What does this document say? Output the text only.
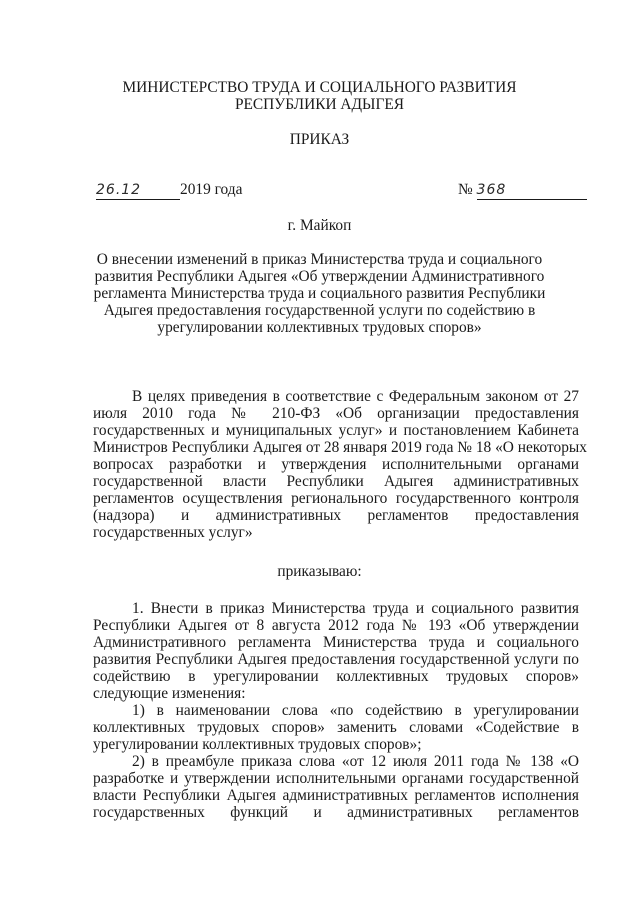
МИНИСТЕРСТВО ТРУДА И СОЦИАЛЬНОГО РАЗВИТИЯ
РЕСПУБЛИКИ АДЫГЕЯ
ПРИКАЗ
26.12	2019 года	№ 368
г. Майкоп
О внесении изменений в приказ Министерства труда и социального
развития Республики Адыгея «Об утверждении Административного
регламента Министерства труда и социального развития Республики
Адыгея предоставления государственной услуги по содействию в
урегулировании коллективных трудовых споров»
В целях приведения в соответствие с Федеральным законом от 27
июля 2010 года № 210-ФЗ «Об организации предоставления
государственных и муниципальных услуг» и постановлением Кабинета
Министров Республики Адыгея от 28 января 2019 года № 18 «О некоторых
вопросах разработки и утверждения исполнительными органами
государственной власти Республики Адыгея административных
регламентов осуществления регионального государственного контроля
(надзора) и административных регламентов предоставления
государственных услуг»
приказываю:
1. Внести в приказ Министерства труда и социального развития
Республики Адыгея от 8 августа 2012 года № 193 «Об утверждении
Административного регламента Министерства труда и социального
развития Республики Адыгея предоставления государственной услуги по
содействию в урегулировании коллективных трудовых споров»
следующие изменения:
1) в наименовании слова «по содействию в урегулировании
коллективных трудовых споров» заменить словами «Содействие в
урегулировании коллективных трудовых споров»;
2) в преамбуле приказа слова «от 12 июля 2011 года № 138 «О
разработке и утверждении исполнительными органами государственной
власти Республики Адыгея административных регламентов исполнения
государственных функций и административных регламентов
